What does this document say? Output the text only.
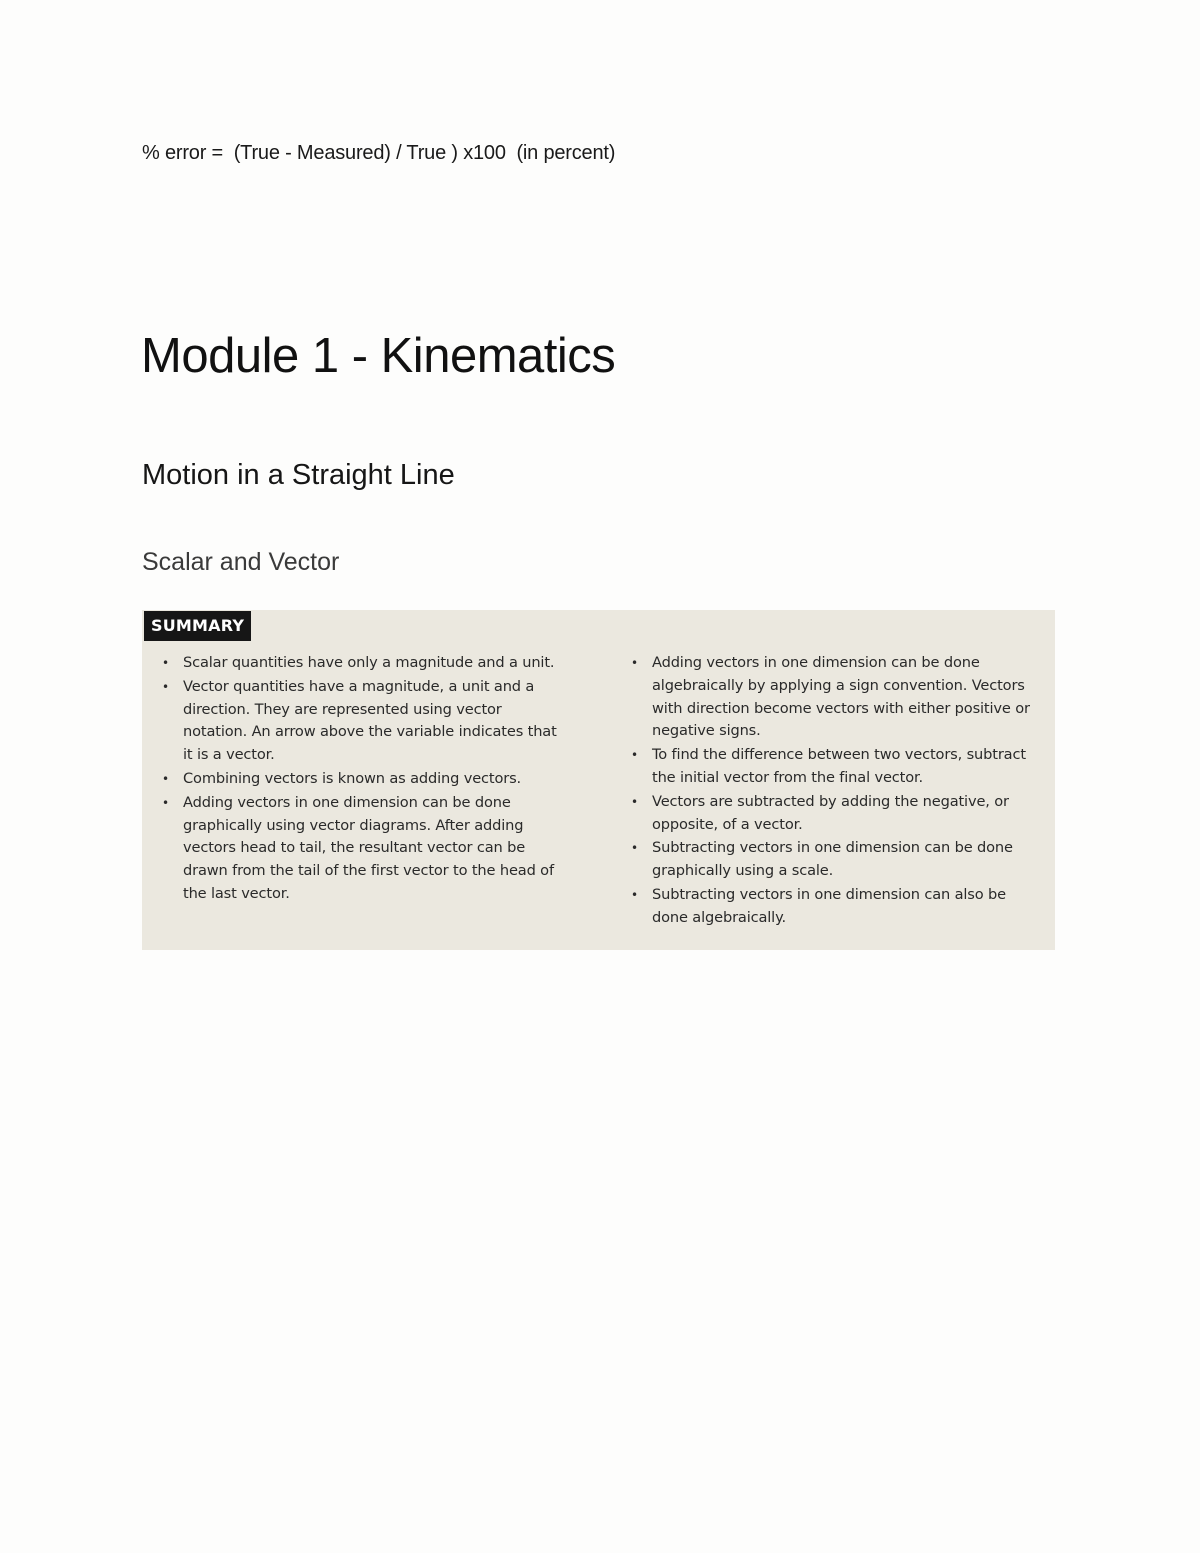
% error =  (True - Measured) / True ) x100  (in percent)
Module 1 - Kinematics
Motion in a Straight Line
Scalar and Vector
SUMMARY
• Scalar quantities have only a magnitude and a unit.
• Vector quantities have a magnitude, a unit and a direction. They are represented using vector notation. An arrow above the variable indicates that it is a vector.
• Combining vectors is known as adding vectors.
• Adding vectors in one dimension can be done graphically using vector diagrams. After adding vectors head to tail, the resultant vector can be drawn from the tail of the first vector to the head of the last vector.
• Adding vectors in one dimension can be done algebraically by applying a sign convention. Vectors with direction become vectors with either positive or negative signs.
• To find the difference between two vectors, subtract the initial vector from the final vector.
• Vectors are subtracted by adding the negative, or opposite, of a vector.
• Subtracting vectors in one dimension can be done graphically using a scale.
• Subtracting vectors in one dimension can also be done algebraically.
